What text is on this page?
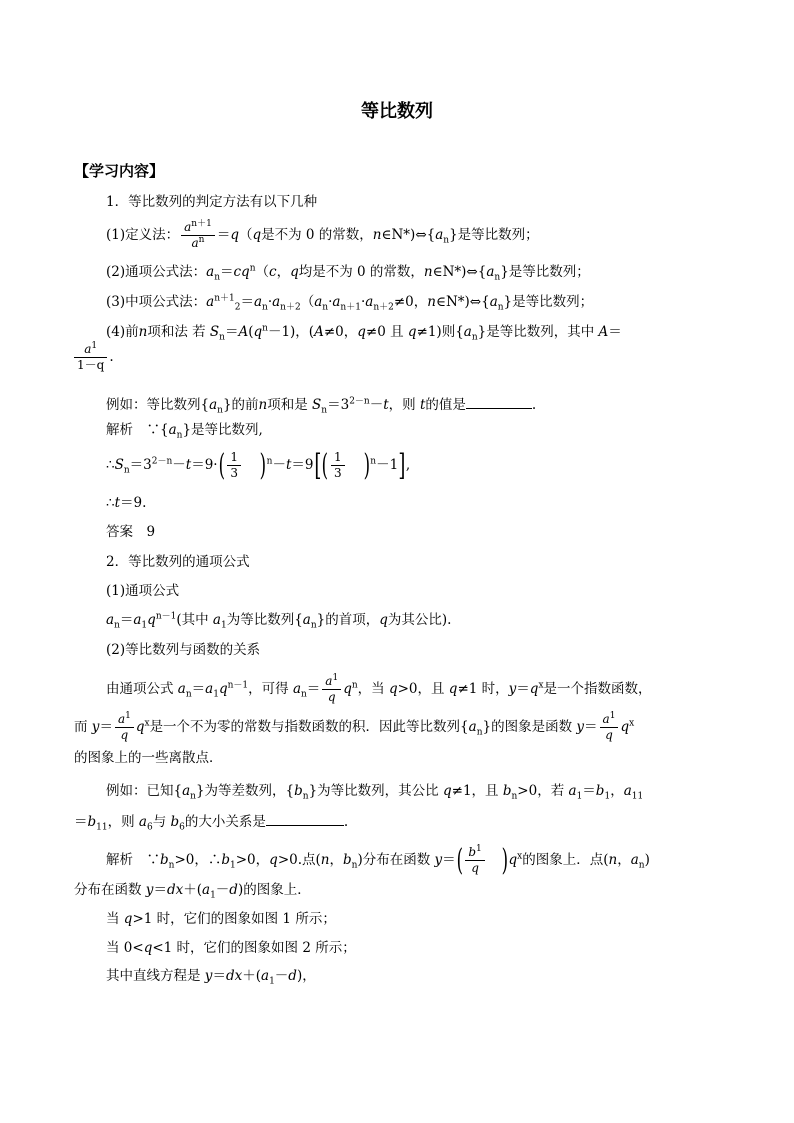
等比数列
【学习内容】
1．等比数列的判定方法有以下几种
(1)定义法： $\frac{a^{n+1}}{a^n} =q(q$是不为 0 的常数，$n\in N*)\Leftrightarrow\{a_n\}$是等比数列；
(2)通项公式法：$a_n=cq^n(c$，q均是不为 0 的常数，$n\in N*)\Leftrightarrow\{a_n\}$是等比数列；
(3)中项公式法：$a^{n+1}_2=a_n\cdot a_{n+2}(a_n\cdot a_{n+1}\cdot a_{n+2}\ne 0$，$n\in N*)\Leftrightarrow\{a_n\}$是等比数列；
(4)前n项和法 若 $S_n=A(q^n-1)$，(A≠0，q≠0 且 q≠1)则$\{a_n\}$是等比数列，其中 A＝
$\frac{a^1}{1-q}$ .
例如：等比数列$\{a_n\}$的前n项和是 $S_n=3^{2-n}-t$，则 t的值是	.
解析　$\because\{a_n\}$是等比数列,
$\therefore S_n=3^{2-n}-t=9\cdot( \frac{1}{3} )^n-t=9[( \frac{1}{3} )^n-1]$,
∴t＝9.
答案　9
2．等比数列的通项公式
(1)通项公式
$a_n=a_1q^{n-1}$(其中 $a_1$为等比数列$\{a_n\}$的首项，q为其公比).
(2)等比数列与函数的关系
由通项公式 $a_n=a_1q^{n-1}$，可得 $a_n= \frac{a^1}{q} q^n$，当 q>0，且 q≠1 时，$y=q^x$是一个指数函数，
而 $y= \frac{a^1}{q} q^x$是一个不为零的常数与指数函数的积．因此等比数列$\{a_n\}$的图象是函数 $y= \frac{a^1}{q} q^x$
的图象上的一些离散点．
例如：已知$\{a_n\}$为等差数列，$\{b_n\}$为等比数列，其公比 q≠1，且 $b_n>0$，若 $a_1=b_1$，$a_{11}$
$=b_{11}$，则 $a_6$与 $b_6$的大小关系是	.
解析　$\because b_n>0$，$\therefore b_1>0$，q>0.点(n，$b_n$)分布在函数 $y=( \frac{b^1}{q} )q^x$的图象上．点(n，$a_n$)
分布在函数 $y=dx+(a_1-d)$的图象上．
当 q>1 时，它们的图象如图 1 所示；
当 0<q<1 时，它们的图象如图 2 所示；
其中直线方程是 $y=dx+(a_1-d)$，
